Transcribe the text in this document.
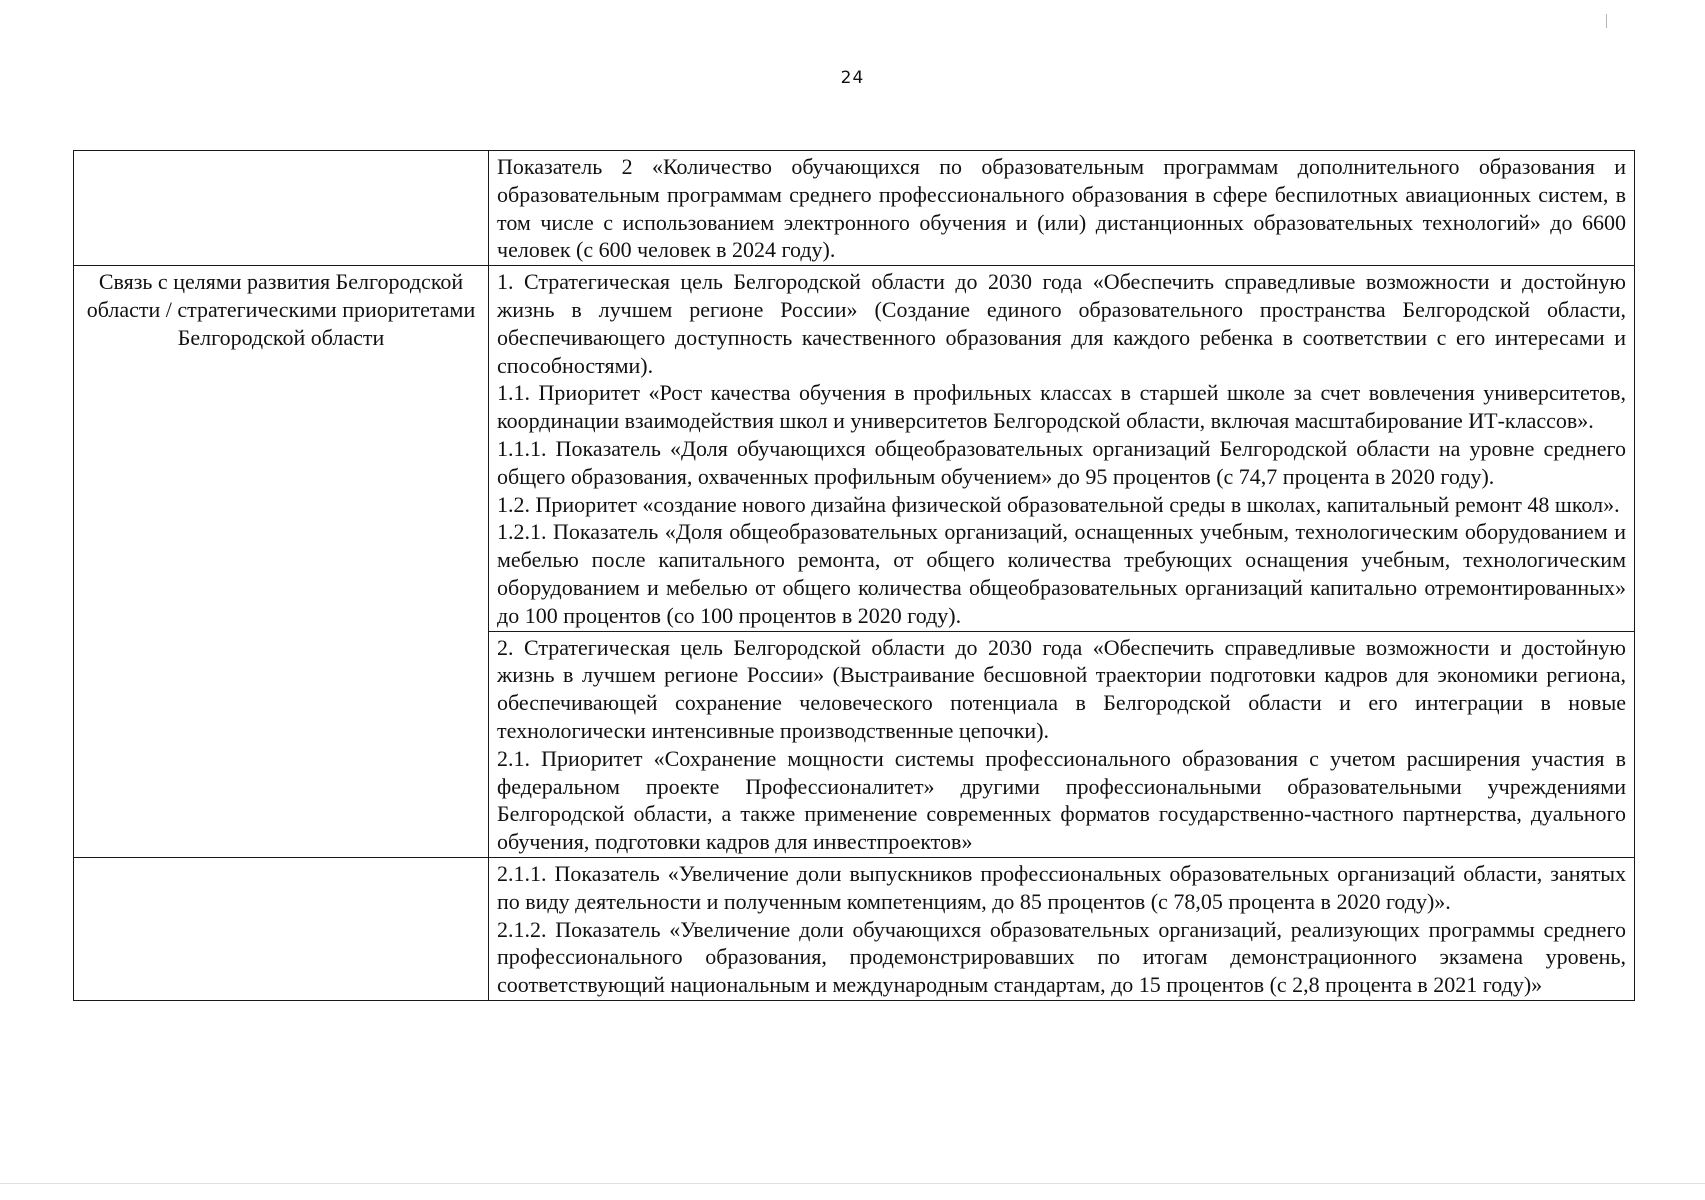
24

	Показатель 2 «Количество обучающихся по образовательным программам дополнительного образования и образовательным программам среднего профессионального образования в сфере беспилотных авиационных систем, в том числе с использованием электронного обучения и (или) дистанционных образовательных технологий» до 6600 человек (с 600 человек в 2024 году).

Связь с целями развития Белгородской области / стратегическими приоритетами Белгородской области	1. Стратегическая цель Белгородской области до 2030 года «Обеспечить справедливые возможности и достойную жизнь в лучшем регионе России» (Создание единого образовательного пространства Белгородской области, обеспечивающего доступность качественного образования для каждого ребенка в соответствии с его интересами и способностями).

1.1. Приоритет «Рост качества обучения в профильных классах в старшей школе за счет вовлечения университетов, координации взаимодействия школ и университетов Белгородской области, включая масштабирование ИТ-классов».

1.1.1. Показатель «Доля обучающихся общеобразовательных организаций Белгородской области на уровне среднего общего образования, охваченных профильным обучением» до 95 процентов (с 74,7 процента в 2020 году).

1.2. Приоритет «создание нового дизайна физической образовательной среды в школах, капитальный ремонт 48 школ».

1.2.1. Показатель «Доля общеобразовательных организаций, оснащенных учебным, технологическим оборудованием и мебелью после капитального ремонта, от общего количества требующих оснащения учебным, технологическим оборудованием и мебелью от общего количества общеобразовательных организаций капитально отремонтированных» до 100 процентов (со 100 процентов в 2020 году).

	2. Стратегическая цель Белгородской области до 2030 года «Обеспечить справедливые возможности и достойную жизнь в лучшем регионе России» (Выстраивание бесшовной траектории подготовки кадров для экономики региона, обеспечивающей сохранение человеческого потенциала в Белгородской области и его интеграции в новые технологически интенсивные производственные цепочки).

2.1. Приоритет «Сохранение мощности системы профессионального образования с учетом расширения участия в федеральном проекте Профессионалитет» другими профессиональными образовательными учреждениями Белгородской области, а также применение современных форматов государственно-частного партнерства, дуального обучения, подготовки кадров для инвестпроектов»

	2.1.1. Показатель «Увеличение доли выпускников профессиональных образовательных организаций области, занятых по виду деятельности и полученным компетенциям, до 85 процентов (с 78,05 процента в 2020 году)».

2.1.2. Показатель «Увеличение доли обучающихся образовательных организаций, реализующих программы среднего профессионального образования, продемонстрировавших по итогам демонстрационного экзамена уровень, соответствующий национальным и международным стандартам, до 15 процентов (с 2,8 процента в 2021 году)»
